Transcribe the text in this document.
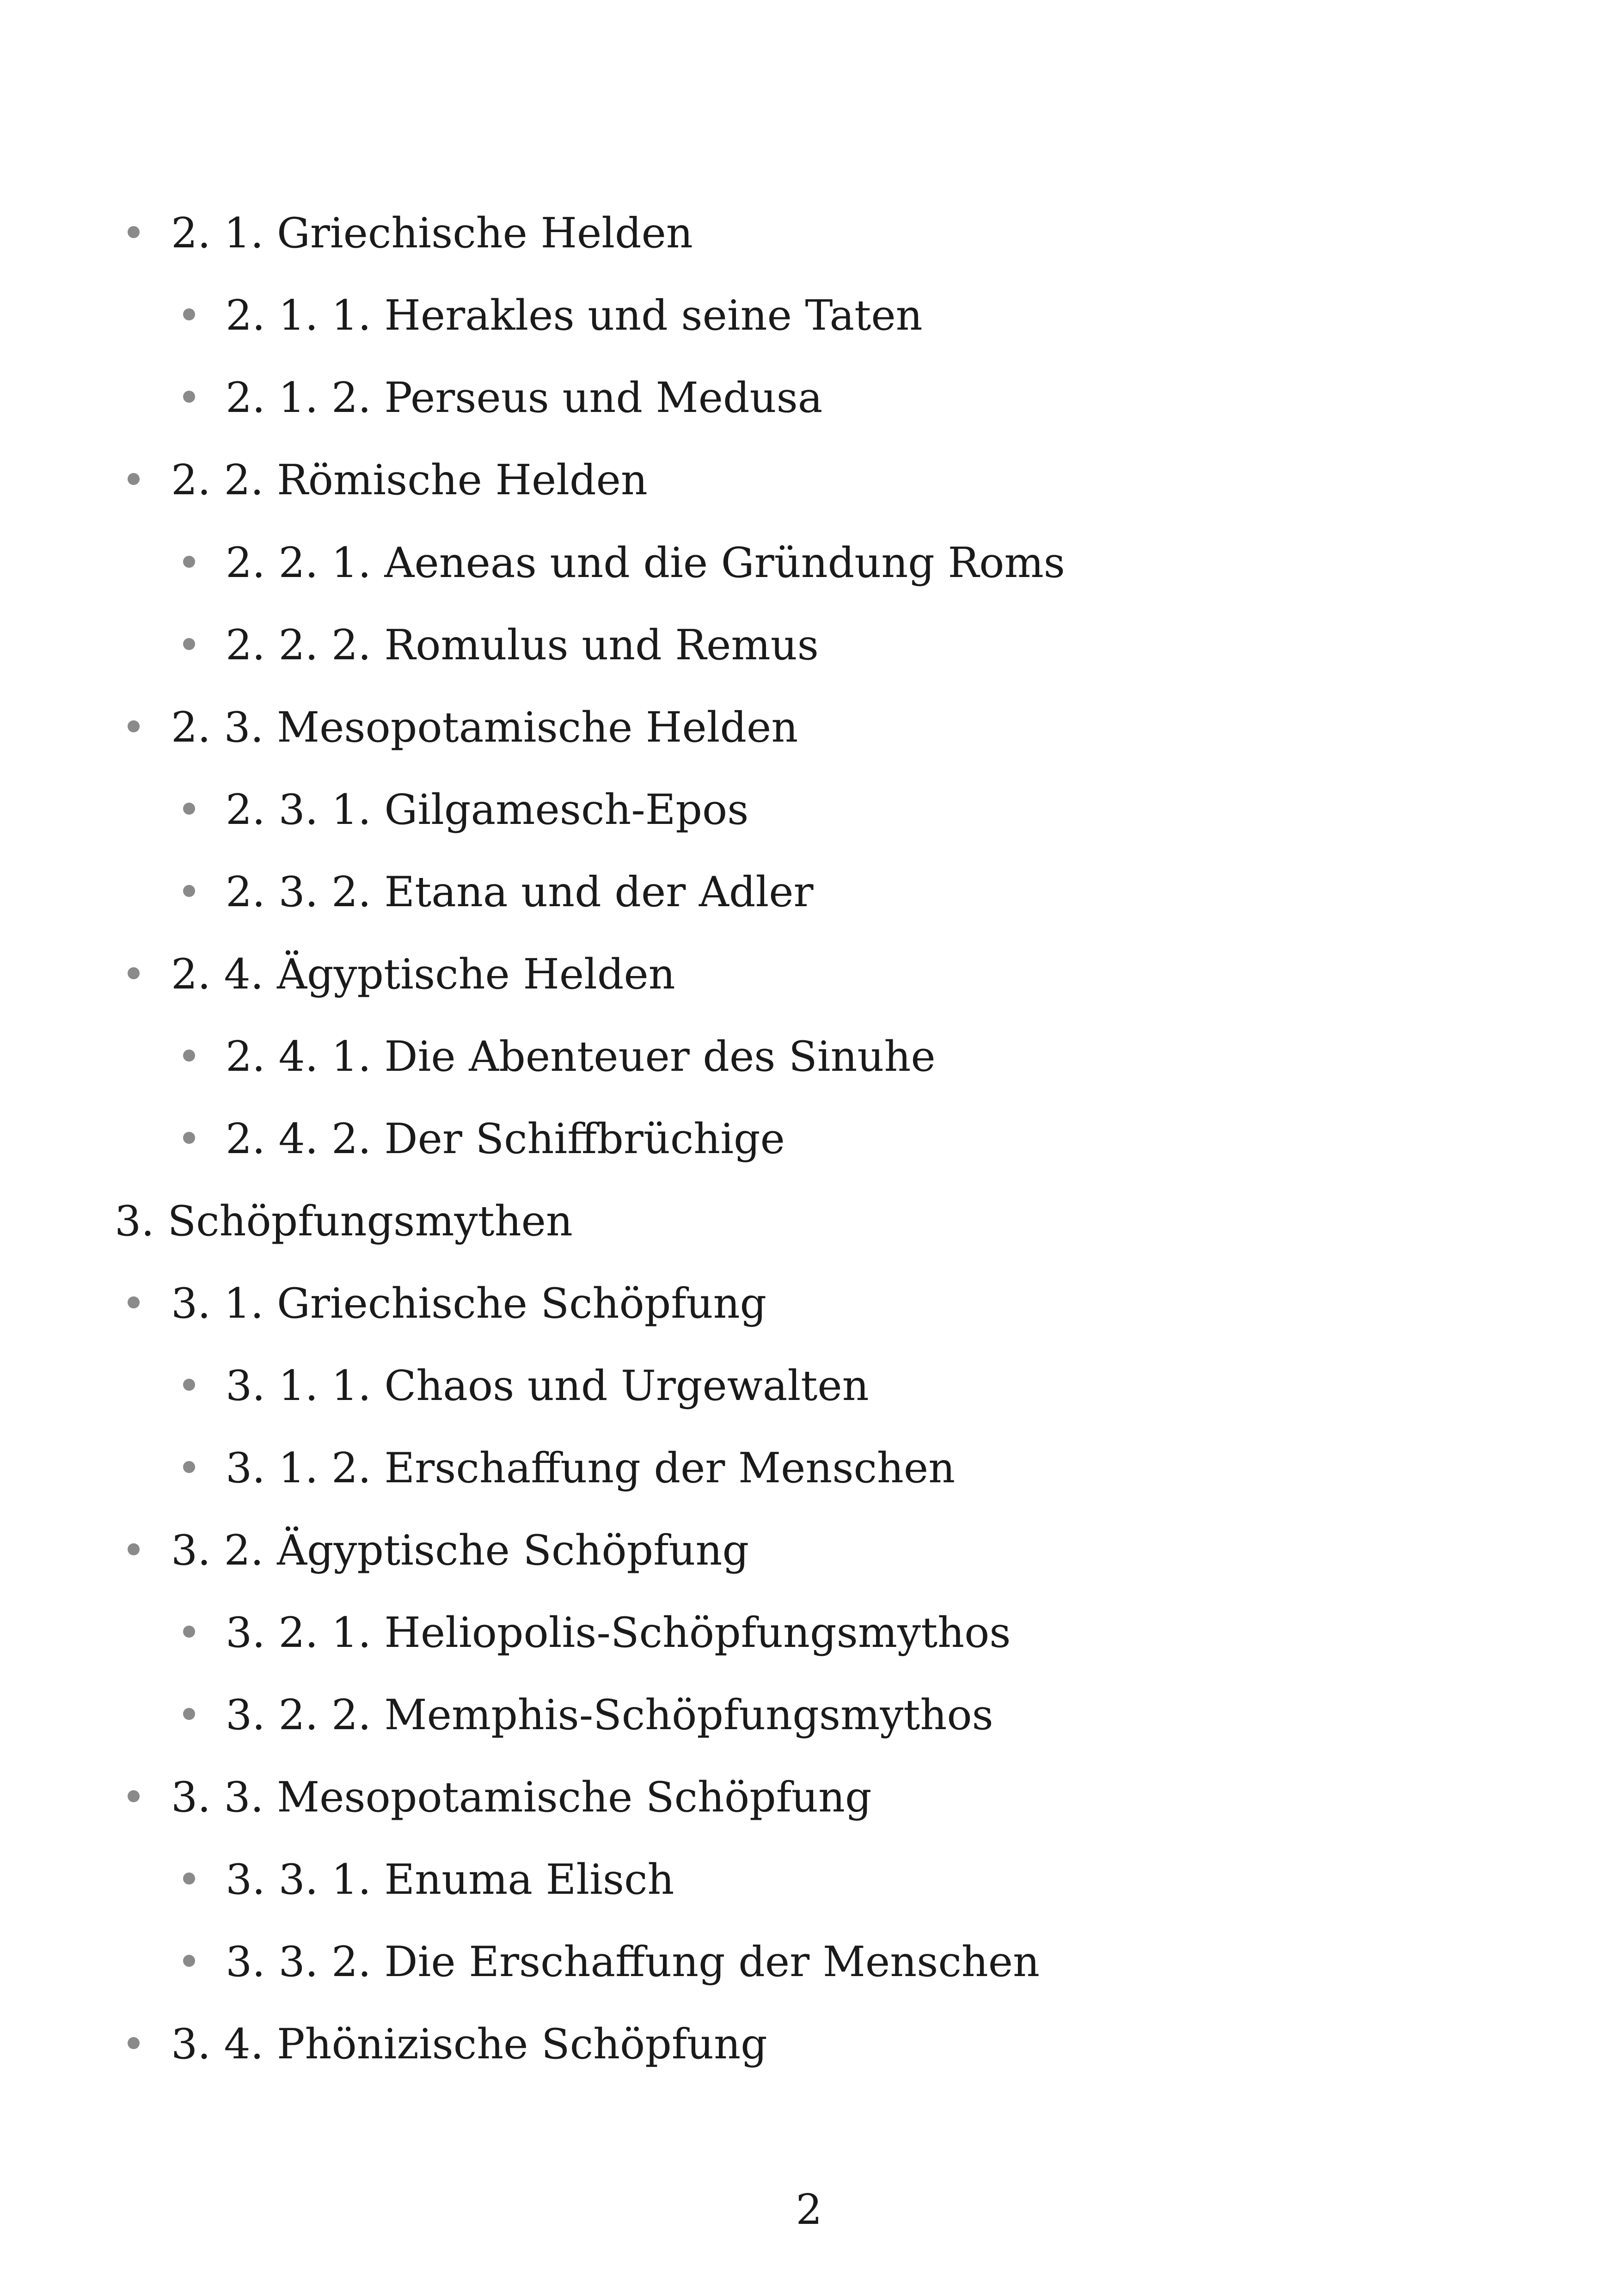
2. 1. Griechische Helden
2. 1. 1. Herakles und seine Taten
2. 1. 2. Perseus und Medusa
2. 2. Römische Helden
2. 2. 1. Aeneas und die Gründung Roms
2. 2. 2. Romulus und Remus
2. 3. Mesopotamische Helden
2. 3. 1. Gilgamesch-Epos
2. 3. 2. Etana und der Adler
2. 4. Ägyptische Helden
2. 4. 1. Die Abenteuer des Sinuhe
2. 4. 2. Der Schiffbrüchige
3. Schöpfungsmythen
3. 1. Griechische Schöpfung
3. 1. 1. Chaos und Urgewalten
3. 1. 2. Erschaffung der Menschen
3. 2. Ägyptische Schöpfung
3. 2. 1. Heliopolis-Schöpfungsmythos
3. 2. 2. Memphis-Schöpfungsmythos
3. 3. Mesopotamische Schöpfung
3. 3. 1. Enuma Elisch
3. 3. 2. Die Erschaffung der Menschen
3. 4. Phönizische Schöpfung
2
